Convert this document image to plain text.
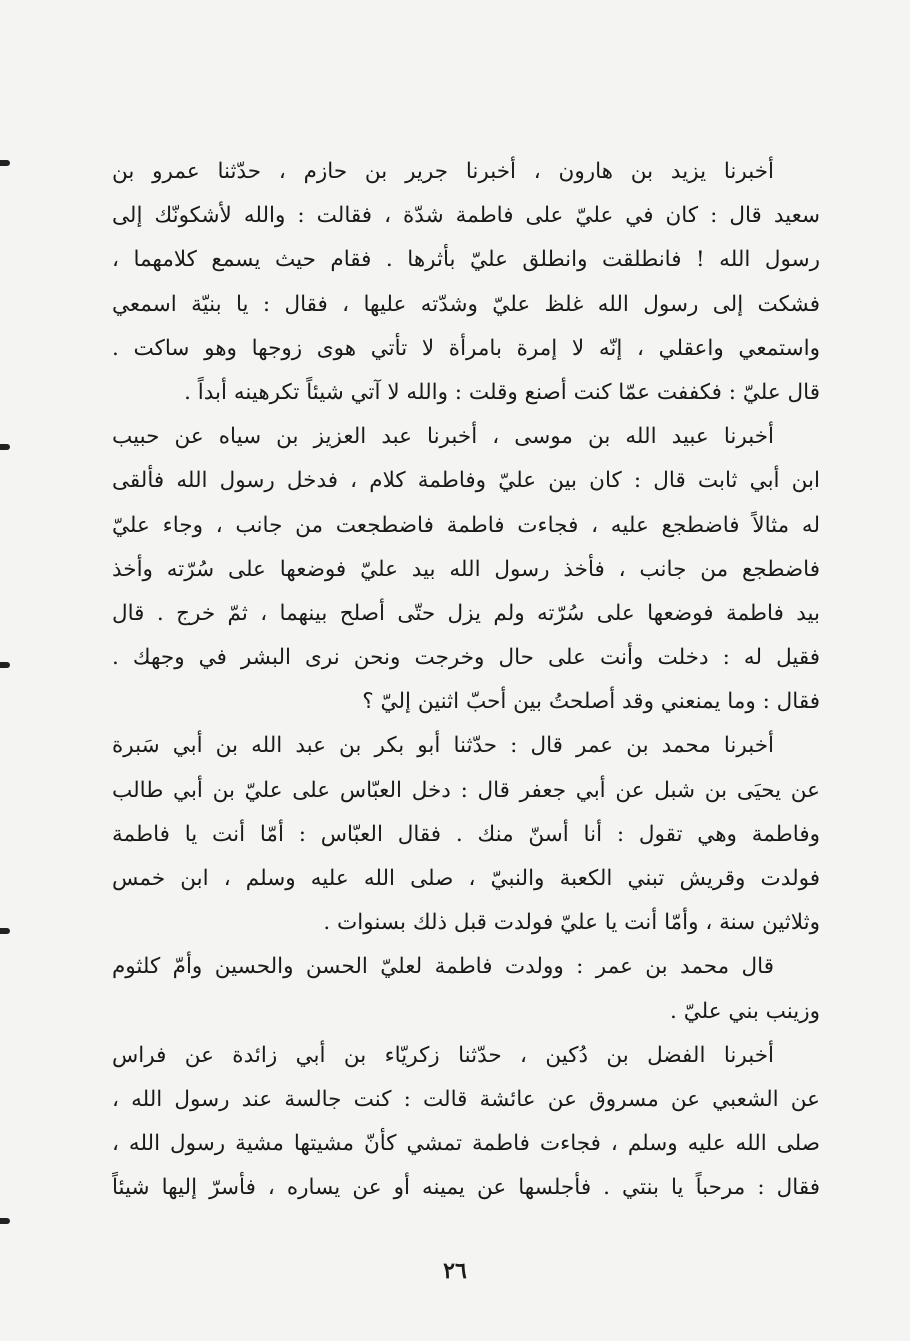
أخبرنا يزيد بن هارون ، أخبرنا جرير بن حازم ، حدّثنا عمرو بن
سعيد قال : كان في عليّ على فاطمة شدّة ، فقالت : والله لأشكونّك إلى
رسول الله ! فانطلقت وانطلق عليّ بأثرها . فقام حيث يسمع كلامهما ،
فشكت إلى رسول الله غلظ عليّ وشدّته عليها ، فقال : يا بنيّة اسمعي
واستمعي واعقلي ، إنّه لا إمرة بامرأة لا تأتي هوى زوجها وهو ساكت .
قال عليّ : فكففت عمّا كنت أصنع وقلت : والله لا آتي شيئاً تكرهينه أبداً .
أخبرنا عبيد الله بن موسى ، أخبرنا عبد العزيز بن سياه عن حبيب
ابن أبي ثابت قال : كان بين عليّ وفاطمة كلام ، فدخل رسول الله فألقى
له مثالاً فاضطجع عليه ، فجاءت فاطمة فاضطجعت من جانب ، وجاء عليّ
فاضطجع من جانب ، فأخذ رسول الله بيد عليّ فوضعها على سُرّته وأخذ
بيد فاطمة فوضعها على سُرّته ولم يزل حتّى أصلح بينهما ، ثمّ خرج . قال
فقيل له : دخلت وأنت على حال وخرجت ونحن نرى البشر في وجهك .
فقال : وما يمنعني وقد أصلحتُ بين أحبّ اثنين إليّ ؟
أخبرنا محمد بن عمر قال : حدّثنا أبو بكر بن عبد الله بن أبي سَبرة
عن يحيَى بن شبل عن أبي جعفر قال : دخل العبّاس على عليّ بن أبي طالب
وفاطمة وهي تقول : أنا أسنّ منك . فقال العبّاس : أمّا أنت يا فاطمة
فولدت وقريش تبني الكعبة والنبيّ ، صلى الله عليه وسلم ، ابن خمس
وثلاثين سنة ، وأمّا أنت يا عليّ فولدت قبل ذلك بسنوات .
قال محمد بن عمر : وولدت فاطمة لعليّ الحسن والحسين وأمّ كلثوم
وزينب بني عليّ .
أخبرنا الفضل بن دُكين ، حدّثنا زكريّاء بن أبي زائدة عن فراس
عن الشعبي عن مسروق عن عائشة قالت : كنت جالسة عند رسول الله ،
صلى الله عليه وسلم ، فجاءت فاطمة تمشي كأنّ مشيتها مشية رسول الله ،
فقال : مرحباً يا بنتي . فأجلسها عن يمينه أو عن يساره ، فأسرّ إليها شيئاً
٢٦
